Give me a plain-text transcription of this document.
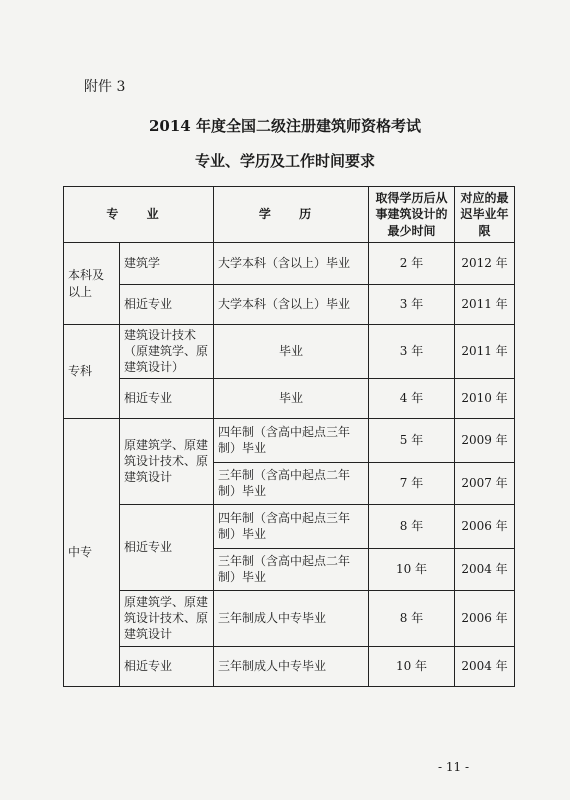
附件 3
2014 年度全国二级注册建筑师资格考试
专业、学历及工作时间要求
专 业		学 历	取得学历后从事建筑设计的最少时间	对应的最迟毕业年限
本科及以上	建筑学	大学本科（含以上）毕业	2 年	2012 年
	相近专业	大学本科（含以上）毕业	3 年	2011 年
专科	建筑设计技术（原建筑学、原建筑设计）	毕业	3 年	2011 年
	相近专业	毕业	4 年	2010 年
中专	原建筑学、原建筑设计技术、原建筑设计	四年制（含高中起点三年制）毕业	5 年	2009 年
		三年制（含高中起点二年制）毕业	7 年	2007 年
	相近专业	四年制（含高中起点三年制）毕业	8 年	2006 年
		三年制（含高中起点二年制）毕业	10 年	2004 年
	原建筑学、原建筑设计技术、原建筑设计	三年制成人中专毕业	8 年	2006 年
	相近专业	三年制成人中专毕业	10 年	2004 年
- 11 -
